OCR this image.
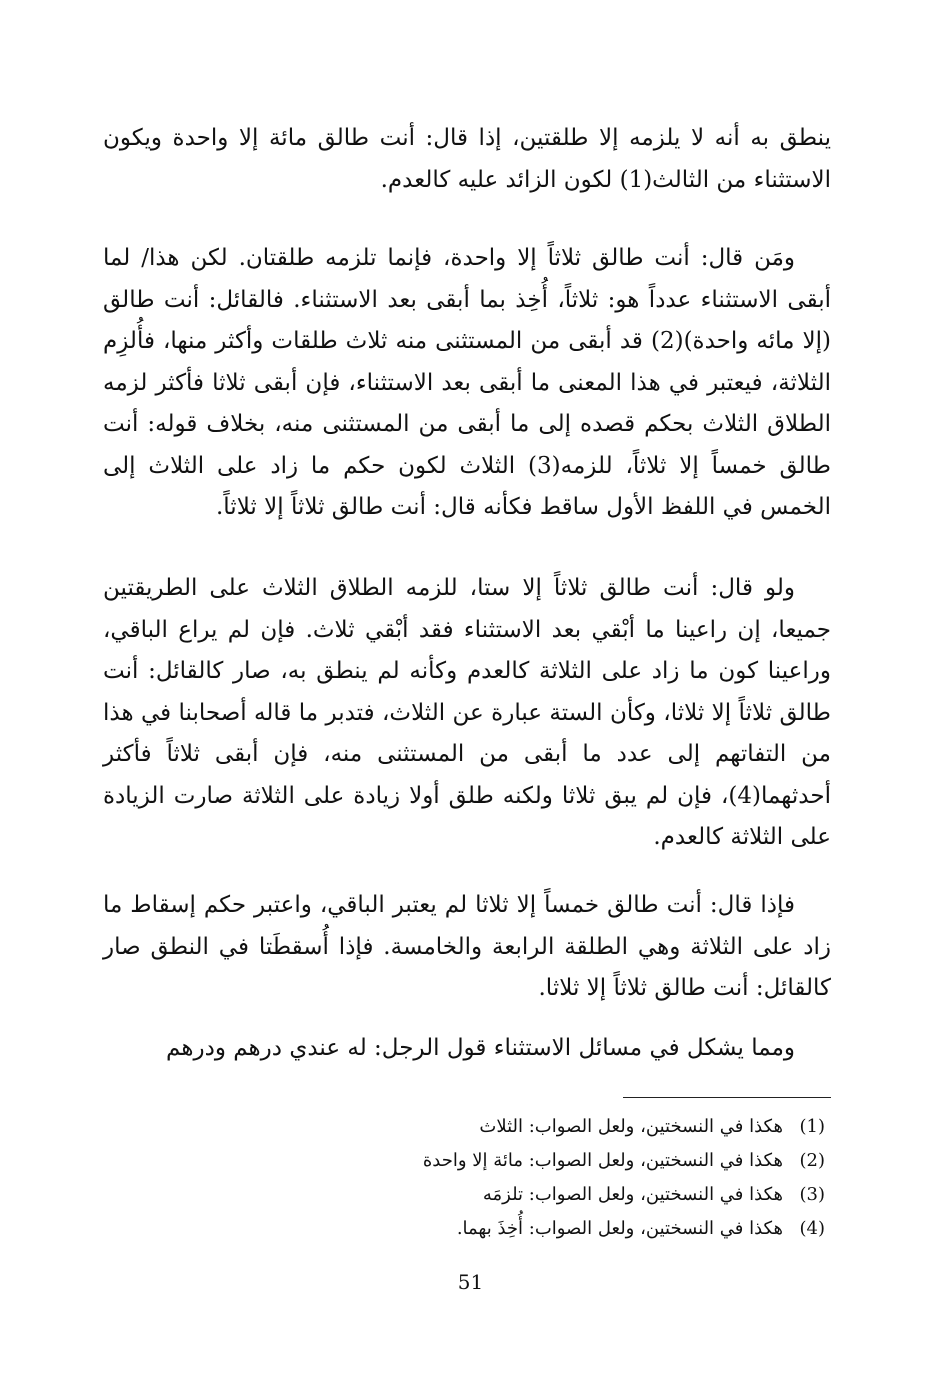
ينطق به أنه لا يلزمه إلا طلقتين، إذا قال: أنت طالق مائة إلا واحدة ويكون الاستثناء من الثالث(1) لكون الزائد عليه كالعدم.

ومَن قال: أنت طالق ثلاثاً إلا واحدة، فإنما تلزمه طلقتان. لكن هذا/ لما أبقى الاستثناء عدداً هو: ثلاثاً، أُخِذ بما أبقى بعد الاستثناء. فالقائل: أنت طالق (إلا مائه واحدة)(2) قد أبقى من المستثنى منه ثلاث طلقات وأكثر منها، فأُلزِم الثلاثة، فيعتبر في هذا المعنى ما أبقى بعد الاستثناء، فإن أبقى ثلاثا فأكثر لزمه الطلاق الثلاث بحكم قصده إلى ما أبقى من المستثنى منه، بخلاف قوله: أنت طالق خمساً إلا ثلاثاً، للزمه(3) الثلاث لكون حكم ما زاد على الثلاث إلى الخمس في اللفظ الأول ساقط فكأنه قال: أنت طالق ثلاثاً إلا ثلاثاً.

ولو قال: أنت طالق ثلاثاً إلا ستا، للزمه الطلاق الثلاث على الطريقتين جميعا، إن راعينا ما أبْقي بعد الاستثناء فقد أبْقي ثلاث. فإن لم يراع الباقي، وراعينا كون ما زاد على الثلاثة كالعدم وكأنه لم ينطق به، صار كالقائل: أنت طالق ثلاثاً إلا ثلاثا، وكأن الستة عبارة عن الثلاث، فتدبر ما قاله أصحابنا في هذا من التفاتهم إلى عدد ما أبقى من المستثنى منه، فإن أبقى ثلاثاً فأكثر أحدثهما(4)، فإن لم يبق ثلاثا ولكنه طلق أولا زيادة على الثلاثة صارت الزيادة على الثلاثة كالعدم.

فإذا قال: أنت طالق خمساً إلا ثلاثا لم يعتبر الباقي، واعتبر حكم إسقاط ما زاد على الثلاثة وهي الطلقة الرابعة والخامسة. فإذا أُسقطَتا في النطق صار كالقائل: أنت طالق ثلاثاً إلا ثلاثا.

ومما يشكل في مسائل الاستثناء قول الرجل: له عندي درهم ودرهم

(1)
هكذا في النسختين، ولعل الصواب: الثلاث
(2)
هكذا في النسختين، ولعل الصواب: مائة إلا واحدة
(3)
هكذا في النسختين، ولعل الصواب: تلزمَه
(4)
هكذا في النسختين، ولعل الصواب: أُخِذَ بهما.
51
